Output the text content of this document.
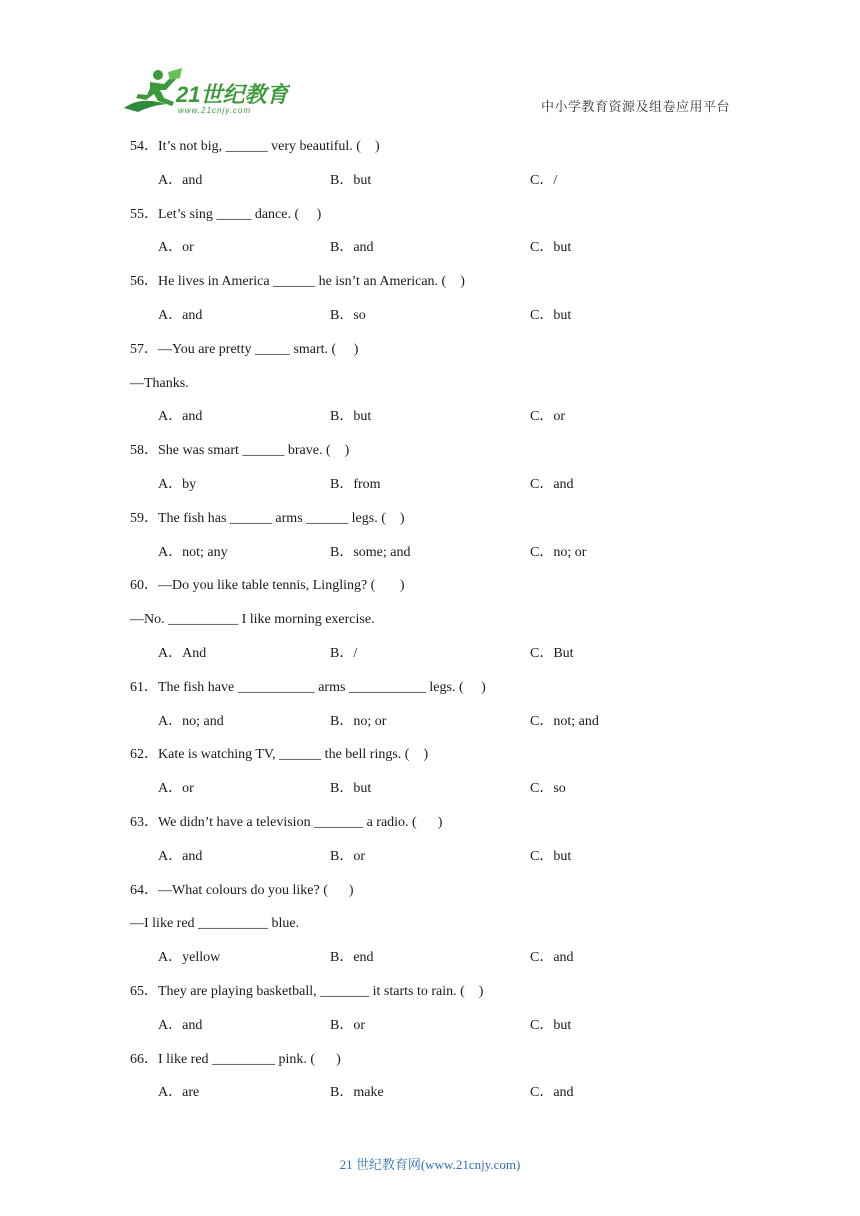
21世纪教育
www.21cnjy.com	中小学教育资源及组卷应用平台
54．It’s not big, ______ very beautiful. (    )
A．and	B．but	C．/
55．Let’s sing _____ dance. (     )
A．or	B．and	C．but
56．He lives in America ______ he isn’t an American. (    )
A．and	B．so	C．but
57．—You are pretty _____ smart. (     )
—Thanks.
A．and	B．but	C．or
58．She was smart ______ brave. (    )
A．by	B．from	C．and
59．The fish has ______ arms ______ legs. (    )
A．not; any	B．some; and	C．no; or
60．—Do you like table tennis, Lingling? (       )
—No. __________ I like morning exercise.
A．And	B．/	C．But
61．The fish have ___________ arms ___________ legs. (     )
A．no; and	B．no; or	C．not; and
62．Kate is watching TV, ______ the bell rings. (    )
A．or	B．but	C．so
63．We didn’t have a television _______ a radio. (      )
A．and	B．or	C．but
64．—What colours do you like? (      )
—I like red __________ blue.
A．yellow	B．end	C．and
65．They are playing basketball, _______ it starts to rain. (    )
A．and	B．or	C．but
66．I like red _________ pink. (      )
A．are	B．make	C．and
21 世纪教育网(www.21cnjy.com)
